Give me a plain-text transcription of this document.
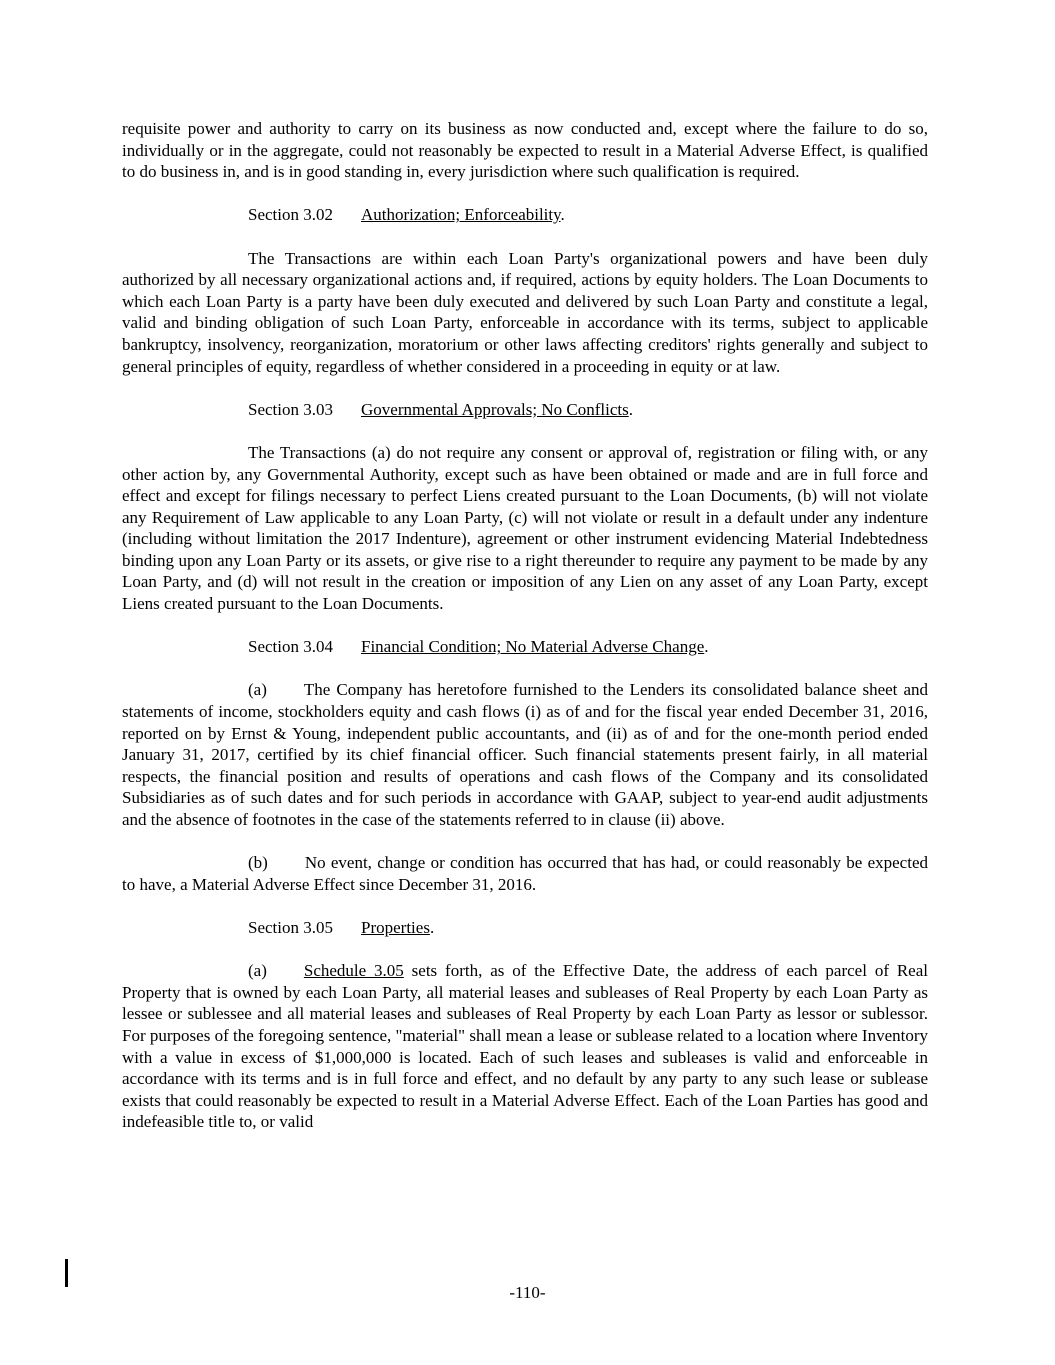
requisite power and authority to carry on its business as now conducted and, except where the failure to do so, individually or in the aggregate, could not reasonably be expected to result in a Material Adverse Effect, is qualified to do business in, and is in good standing in, every jurisdiction where such qualification is required.

Section 3.02 Authorization; Enforceability.

The Transactions are within each Loan Party's organizational powers and have been duly authorized by all necessary organizational actions and, if required, actions by equity holders. The Loan Documents to which each Loan Party is a party have been duly executed and delivered by such Loan Party and constitute a legal, valid and binding obligation of such Loan Party, enforceable in accordance with its terms, subject to applicable bankruptcy, insolvency, reorganization, moratorium or other laws affecting creditors' rights generally and subject to general principles of equity, regardless of whether considered in a proceeding in equity or at law.

Section 3.03 Governmental Approvals; No Conflicts.

The Transactions (a) do not require any consent or approval of, registration or filing with, or any other action by, any Governmental Authority, except such as have been obtained or made and are in full force and effect and except for filings necessary to perfect Liens created pursuant to the Loan Documents, (b) will not violate any Requirement of Law applicable to any Loan Party, (c) will not violate or result in a default under any indenture (including without limitation the 2017 Indenture), agreement or other instrument evidencing Material Indebtedness binding upon any Loan Party or its assets, or give rise to a right thereunder to require any payment to be made by any Loan Party, and (d) will not result in the creation or imposition of any Lien on any asset of any Loan Party, except Liens created pursuant to the Loan Documents.

Section 3.04 Financial Condition; No Material Adverse Change.

(a) The Company has heretofore furnished to the Lenders its consolidated balance sheet and statements of income, stockholders equity and cash flows (i) as of and for the fiscal year ended December 31, 2016, reported on by Ernst & Young, independent public accountants, and (ii) as of and for the one-month period ended January 31, 2017, certified by its chief financial officer. Such financial statements present fairly, in all material respects, the financial position and results of operations and cash flows of the Company and its consolidated Subsidiaries as of such dates and for such periods in accordance with GAAP, subject to year-end audit adjustments and the absence of footnotes in the case of the statements referred to in clause (ii) above.

(b) No event, change or condition has occurred that has had, or could reasonably be expected to have, a Material Adverse Effect since December 31, 2016.

Section 3.05 Properties.

(a) Schedule 3.05 sets forth, as of the Effective Date, the address of each parcel of Real Property that is owned by each Loan Party, all material leases and subleases of Real Property by each Loan Party as lessee or sublessee and all material leases and subleases of Real Property by each Loan Party as lessor or sublessor. For purposes of the foregoing sentence, "material" shall mean a lease or sublease related to a location where Inventory with a value in excess of $1,000,000 is located. Each of such leases and subleases is valid and enforceable in accordance with its terms and is in full force and effect, and no default by any party to any such lease or sublease exists that could reasonably be expected to result in a Material Adverse Effect. Each of the Loan Parties has good and indefeasible title to, or valid

-110-
